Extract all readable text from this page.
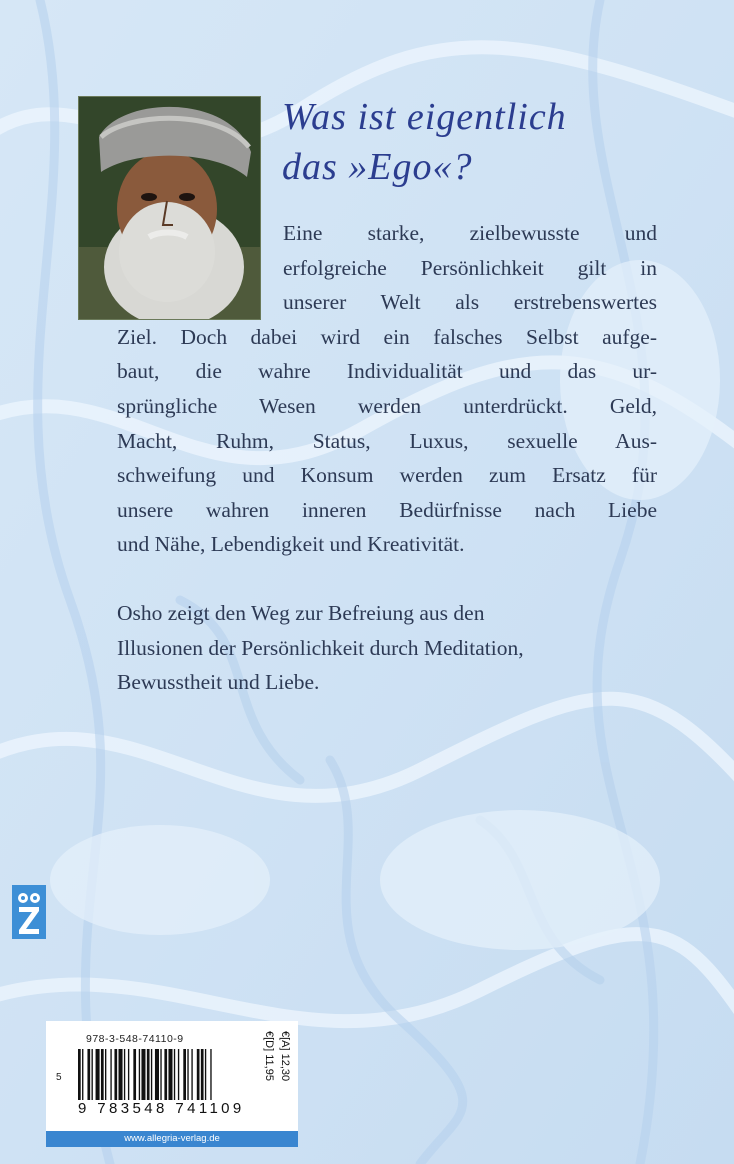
Was ist eigentlich
das »Ego«?
Eine starke, zielbewusste und
erfolgreiche Persönlichkeit gilt in
unserer Welt als erstrebenswertes
Ziel. Doch dabei wird ein falsches Selbst aufge-
baut, die wahre Individualität und das ur-
sprüngliche Wesen werden unterdrückt. Geld,
Macht, Ruhm, Status, Luxus, sexuelle Aus-
schweifung und Konsum werden zum Ersatz für
unsere wahren inneren Bedürfnisse nach Liebe
und Nähe, Lebendigkeit und Kreativität.
Osho zeigt den Weg zur Befreiung aus den
Illusionen der Persönlichkeit durch Meditation,
Bewusstheit und Liebe.
978-3-548-74110-9
5
9 783548 741109
€[D] 11,95 €[A] 12,30
www.allegria-verlag.de
